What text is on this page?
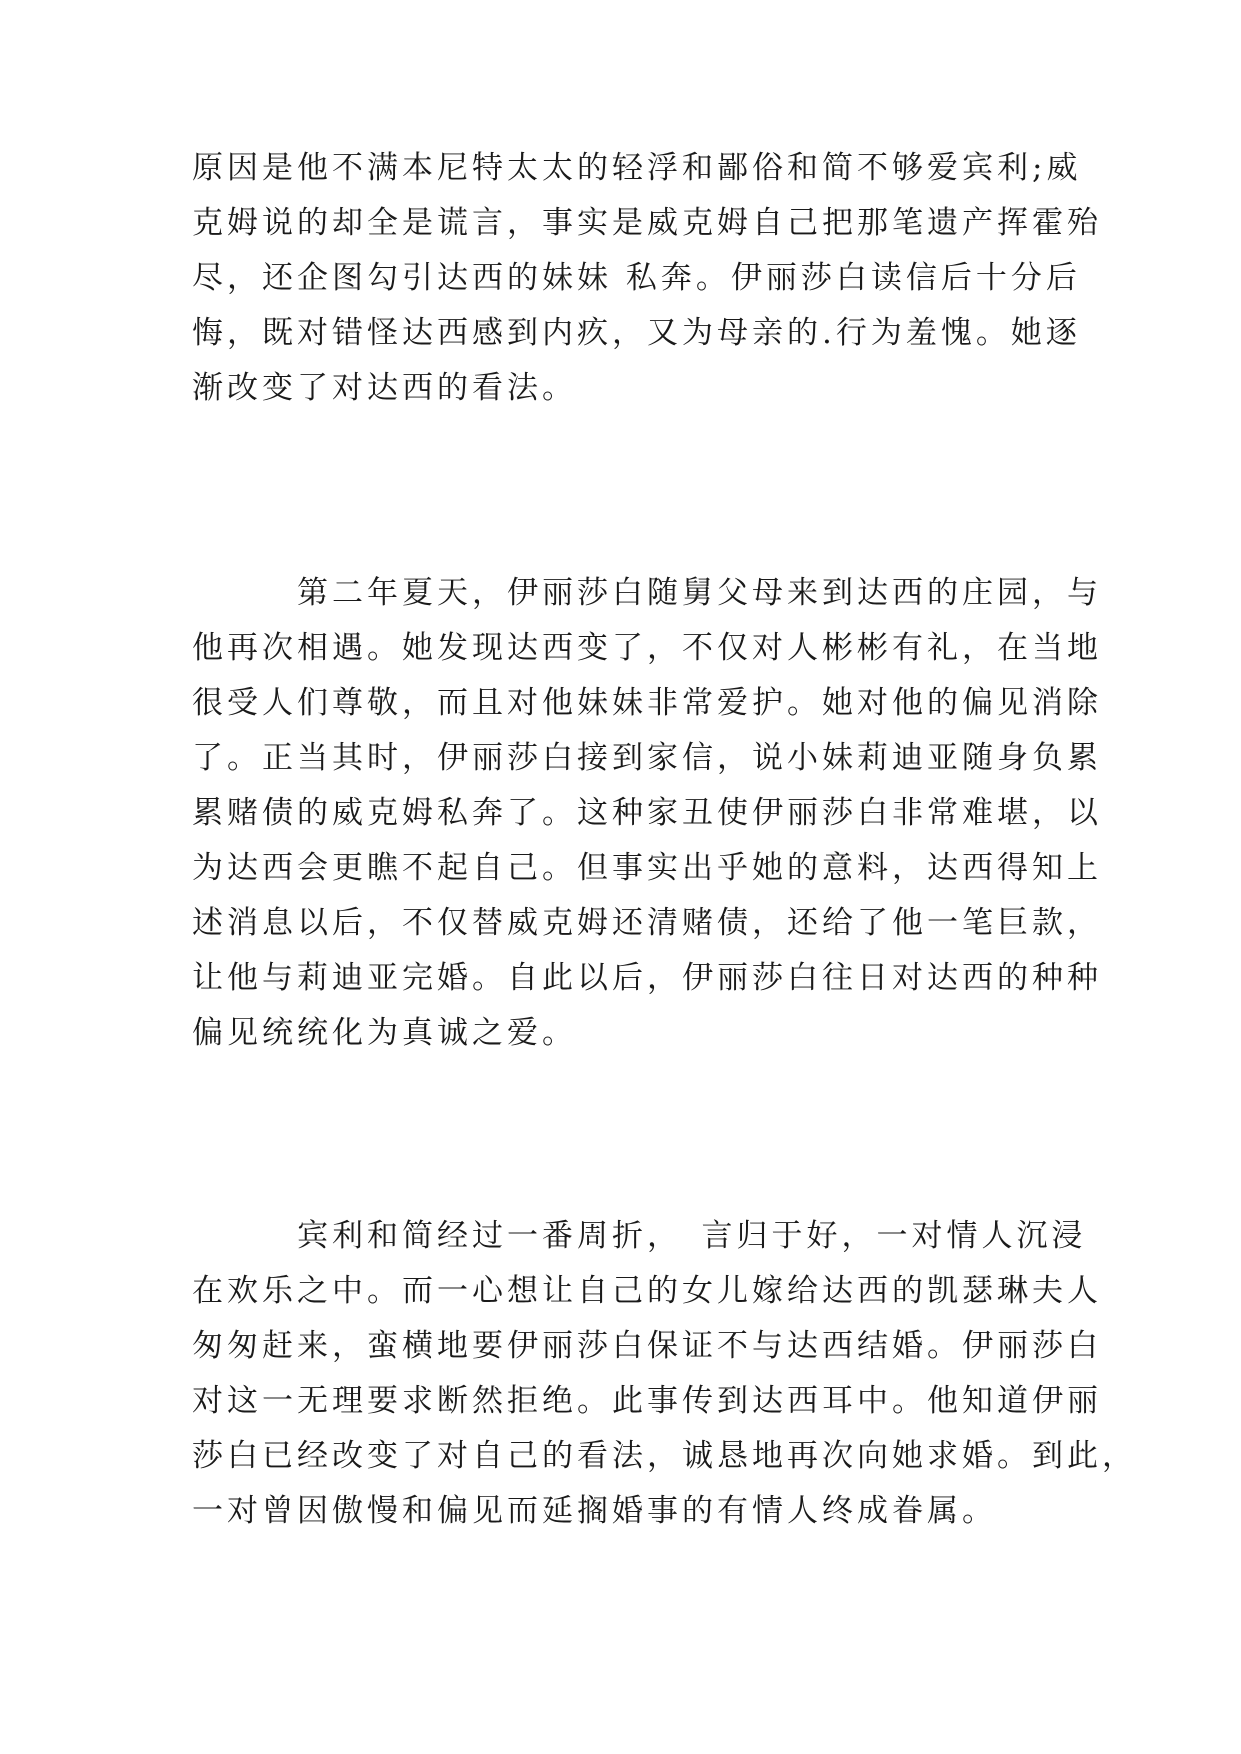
原因是他不满本尼特太太的轻浮和鄙俗和简不够爱宾利;威
克姆说的却全是谎言，事实是威克姆自己把那笔遗产挥霍殆
尽，还企图勾引达西的妹妹 私奔。伊丽莎白读信后十分后
悔，既对错怪达西感到内疚，又为母亲的.行为羞愧。她逐
渐改变了对达西的看法。
　　　第二年夏天，伊丽莎白随舅父母来到达西的庄园，与
他再次相遇。她发现达西变了，不仅对人彬彬有礼，在当地
很受人们尊敬，而且对他妹妹非常爱护。她对他的偏见消除
了。正当其时，伊丽莎白接到家信，说小妹莉迪亚随身负累
累赌债的威克姆私奔了。这种家丑使伊丽莎白非常难堪，以
为达西会更瞧不起自己。但事实出乎她的意料，达西得知上
述消息以后，不仅替威克姆还清赌债，还给了他一笔巨款，
让他与莉迪亚完婚。自此以后，伊丽莎白往日对达西的种种
偏见统统化为真诚之爱。
　　　宾利和简经过一番周折，　言归于好，一对情人沉浸
在欢乐之中。而一心想让自己的女儿嫁给达西的凯瑟琳夫人
匆匆赶来，蛮横地要伊丽莎白保证不与达西结婚。伊丽莎白
对这一无理要求断然拒绝。此事传到达西耳中。他知道伊丽
莎白已经改变了对自己的看法，诚恳地再次向她求婚。到此，
一对曾因傲慢和偏见而延搁婚事的有情人终成眷属。
